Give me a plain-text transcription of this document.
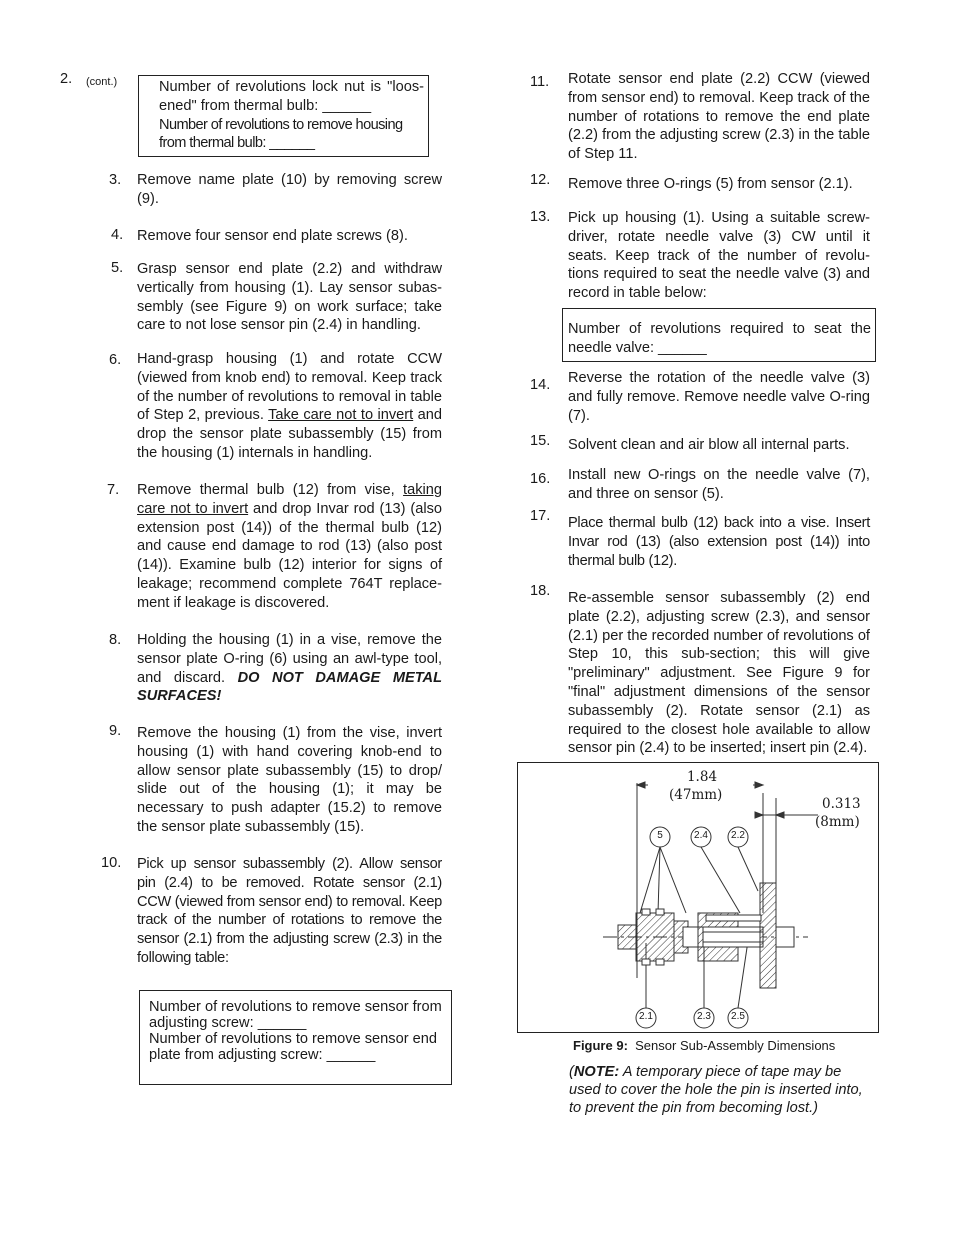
2. (cont.)	Number of revolutions lock nut is "loos-ened" from thermal bulb: ______

Number of revolutions to remove housing from thermal bulb: ______

3. Remove name plate (10) by removing screw (9).
4. Remove four sensor end plate screws (8).
5. Grasp sensor end plate (2.2) and withdraw vertically from housing (1). Lay sensor subas-sembly (see Figure 9) on work surface; take care to not lose sensor pin (2.4) in handling.
6. Hand-grasp housing (1) and rotate CCW (viewed from knob end) to removal. Keep track of the number of revolutions to removal in table of Step 2, previous. Take care not to invert and drop the sensor plate subassembly (15) from the housing (1) internals in handling.
7. Remove thermal bulb (12) from vise, taking care not to invert and drop Invar rod (13) (also extension post (14)) of the thermal bulb (12) and cause end damage to rod (13) (also post (14)). Examine bulb (12) interior for signs of leakage; recommend complete 764T replace-ment if leakage is discovered.
8. Holding the housing (1) in a vise, remove the sensor plate O-ring (6) using an awl-type tool, and discard. DO NOT DAMAGE METAL SURFACES!
9. Remove the housing (1) from the vise, invert housing (1) with hand covering knob-end to allow sensor plate subassembly (15) to drop/ slide out of the housing (1); it may be necessary to push adapter (15.2) to remove the sensor plate subassembly (15).
10. Pick up sensor subassembly (2). Allow sensor pin (2.4) to be removed. Rotate sensor (2.1) CCW (viewed from sensor end) to removal. Keep track of the number of rotations to remove the sensor (2.1) from the adjusting screw (2.3) in the following table:

Number of revolutions to remove sensor from adjusting screw: ______

Number of revolutions to remove sensor end plate from adjusting screw: ______

11. Rotate sensor end plate (2.2) CCW (viewed from sensor end) to removal. Keep track of the number of rotations to remove the end plate (2.2) from the adjusting screw (2.3) in the table of Step 11.
12. Remove three O-rings (5) from sensor (2.1).
13. Pick up housing (1). Using a suitable screw-driver, rotate needle valve (3) CW until it seats. Keep track of the number of revolu-tions required to seat the needle valve (3) and record in table below:

Number of revolutions required to seat the needle valve: ______

14. Reverse the rotation of the needle valve (3) and fully remove. Remove needle valve O-ring (7).
15. Solvent clean and air blow all internal parts.
16. Install new O-rings on the needle valve (7), and three on sensor (5).
17. Place thermal bulb (12) back into a vise. Insert Invar rod (13) (also extension post (14)) into thermal bulb (12).
18. Re-assemble sensor subassembly (2) end plate (2.2), adjusting screw (2.3), and sensor (2.1) per the recorded number of revolutions of Step 10, this sub-section; this will give "preliminary" adjustment. See Figure 9 for "final" adjustment dimensions of the sensor subassembly (2). Rotate sensor (2.1) as required to the closest hole available to allow sensor pin (2.4) to be inserted; insert pin (2.4).
1.84
(47mm)
0.313
(8mm)
5	2.4	2.2
2.1	2.3	2.5
Figure 9: Sensor Sub-Assembly Dimensions
(NOTE: A temporary piece of tape may be used to cover the hole the pin is inserted into, to prevent the pin from becoming lost.)
